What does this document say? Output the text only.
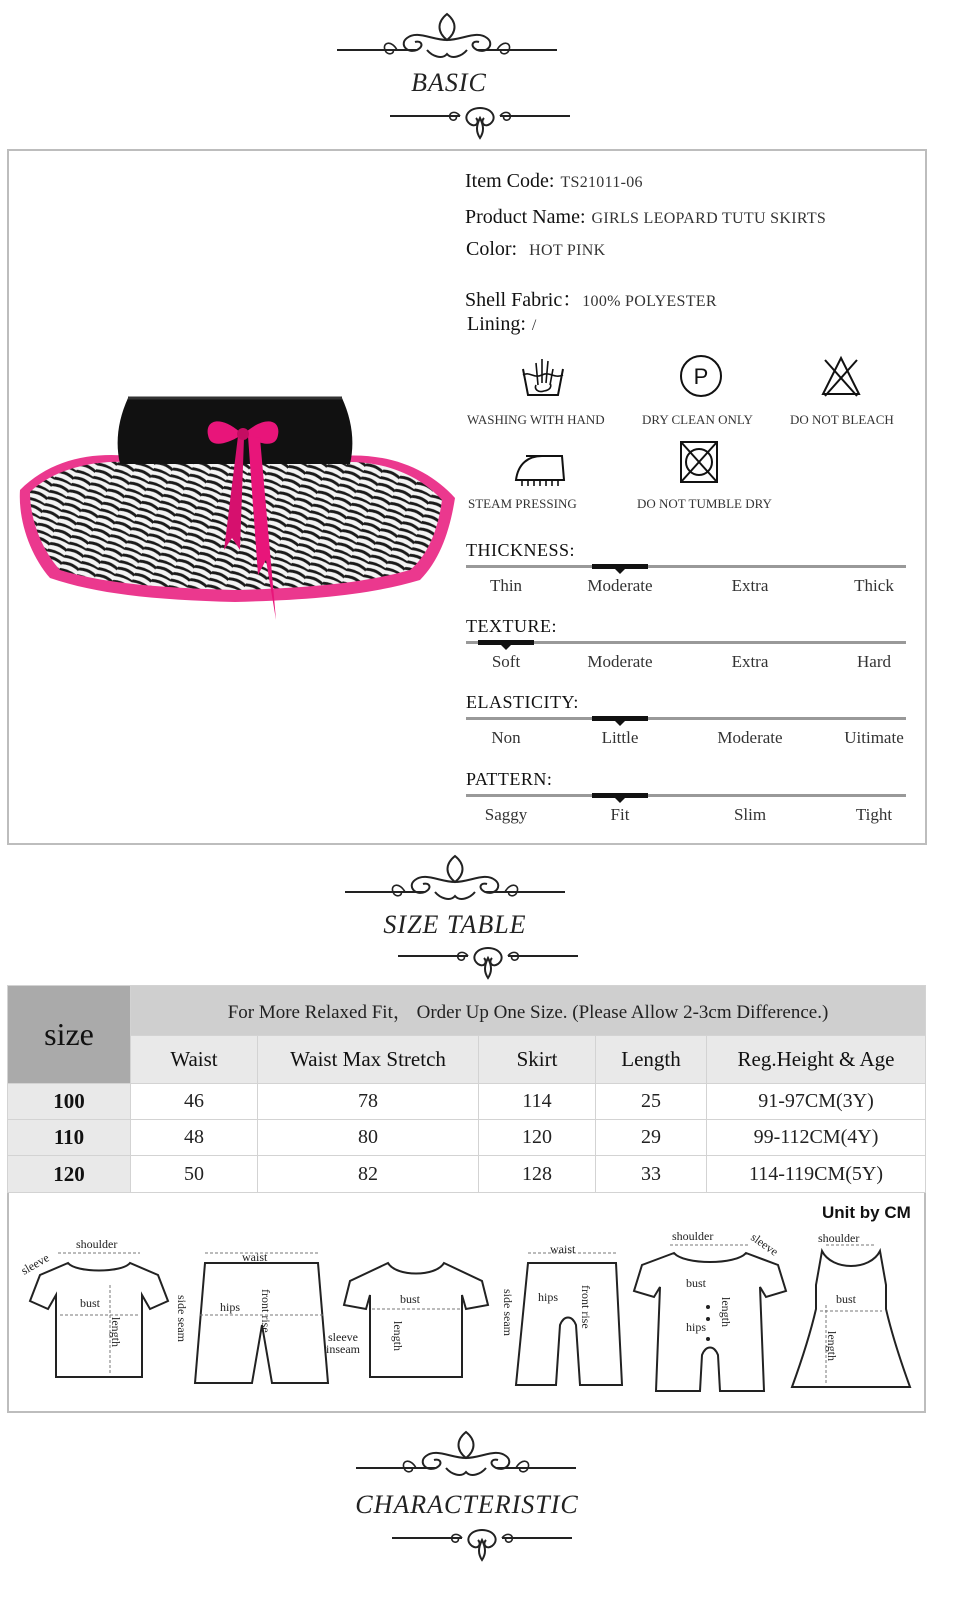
BASIC
Item Code: TS21011-06
Product Name: GIRLS LEOPARD TUTU SKIRTS
Color: HOT PINK
Shell Fabric：100% POLYESTER
Lining: /
P
WASHING WITH HAND	DRY CLEAN ONLY	DO NOT BLEACH
STEAM PRESSING	DO NOT TUMBLE DRY
THICKNESS:
Thin	Moderate	Extra	Thick
TEXTURE:
Soft	Moderate	Extra	Hard
ELASTICITY:
Non	Little	Moderate	Uitimate
PATTERN:
Saggy	Fit	Slim	Tight
SIZE TABLE
size	For More Relaxed Fit， Order Up One Size. (Please Allow 2-3cm Difference.)				
	Waist	Waist Max Stretch	Skirt	Length	Reg.Height & Age
100	46	78	114	25	91-97CM(3Y)
110	48	80	120	29	99-112CM(4Y)
120	50	82	128	33	114-119CM(5Y)
Unit by CM
shoulder
sleeve
bust
length
waist
hips
side seam	front rise	bust
length
sleeve
inseam
waist
hips
side seam	front rise
shoulder	sleeve
bust
hips length
shoulder
bust
length
CHARACTERISTIC
